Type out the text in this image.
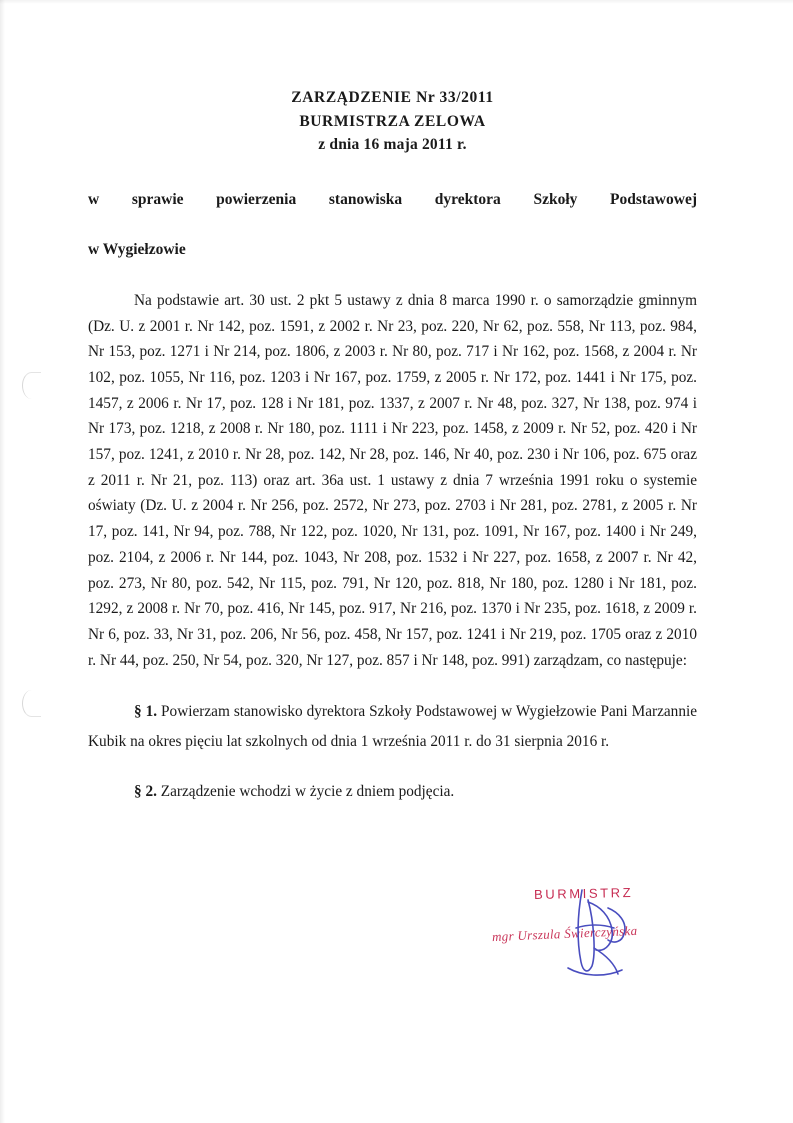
ZARZĄDZENIE Nr 33/2011
BURMISTRZA ZELOWA
z dnia 16 maja 2011 r.
w sprawie powierzenia stanowiska dyrektora Szkoły Podstawowej
w Wygiełzowie
Na podstawie art. 30 ust. 2 pkt 5 ustawy z dnia 8 marca 1990 r. o samorządzie gminnym (Dz. U. z 2001 r. Nr 142, poz. 1591, z 2002 r. Nr 23, poz. 220, Nr 62, poz. 558, Nr 113, poz. 984, Nr 153, poz. 1271 i Nr 214, poz. 1806, z 2003 r. Nr 80, poz. 717 i Nr 162, poz. 1568, z 2004 r. Nr 102, poz. 1055, Nr 116, poz. 1203 i Nr 167, poz. 1759, z 2005 r. Nr 172, poz. 1441 i Nr 175, poz. 1457, z 2006 r. Nr 17, poz. 128 i Nr 181, poz. 1337, z 2007 r. Nr 48, poz. 327, Nr 138, poz. 974 i Nr 173, poz. 1218, z 2008 r. Nr 180, poz. 1111 i Nr 223, poz. 1458, z 2009 r. Nr 52, poz. 420 i Nr 157, poz. 1241, z 2010 r. Nr 28, poz. 142, Nr 28, poz. 146, Nr 40, poz. 230 i Nr 106, poz. 675 oraz z 2011 r. Nr 21, poz. 113) oraz art. 36a ust. 1 ustawy z dnia 7 września 1991 roku o systemie oświaty (Dz. U. z 2004 r. Nr 256, poz. 2572, Nr 273, poz. 2703 i Nr 281, poz. 2781, z 2005 r. Nr 17, poz. 141, Nr 94, poz. 788, Nr 122, poz. 1020, Nr 131, poz. 1091, Nr 167, poz. 1400 i Nr 249, poz. 2104, z 2006 r. Nr 144, poz. 1043, Nr 208, poz. 1532 i Nr 227, poz. 1658, z 2007 r. Nr 42, poz. 273, Nr 80, poz. 542, Nr 115, poz. 791, Nr 120, poz. 818, Nr 180, poz. 1280 i Nr 181, poz. 1292, z 2008 r. Nr 70, poz. 416, Nr 145, poz. 917, Nr 216, poz. 1370 i Nr 235, poz. 1618, z 2009 r. Nr 6, poz. 33, Nr 31, poz. 206, Nr 56, poz. 458, Nr 157, poz. 1241 i Nr 219, poz. 1705 oraz z 2010 r. Nr 44, poz. 250, Nr 54, poz. 320, Nr 127, poz. 857 i Nr 148, poz. 991) zarządzam, co następuje:
§ 1. Powierzam stanowisko dyrektora Szkoły Podstawowej w Wygiełzowie Pani Marzannie Kubik na okres pięciu lat szkolnych od dnia 1 września 2011 r. do 31 sierpnia 2016 r.
§ 2. Zarządzenie wchodzi w życie z dniem podjęcia.
BURMISTRZ
mgr Urszula Świerczyńska
